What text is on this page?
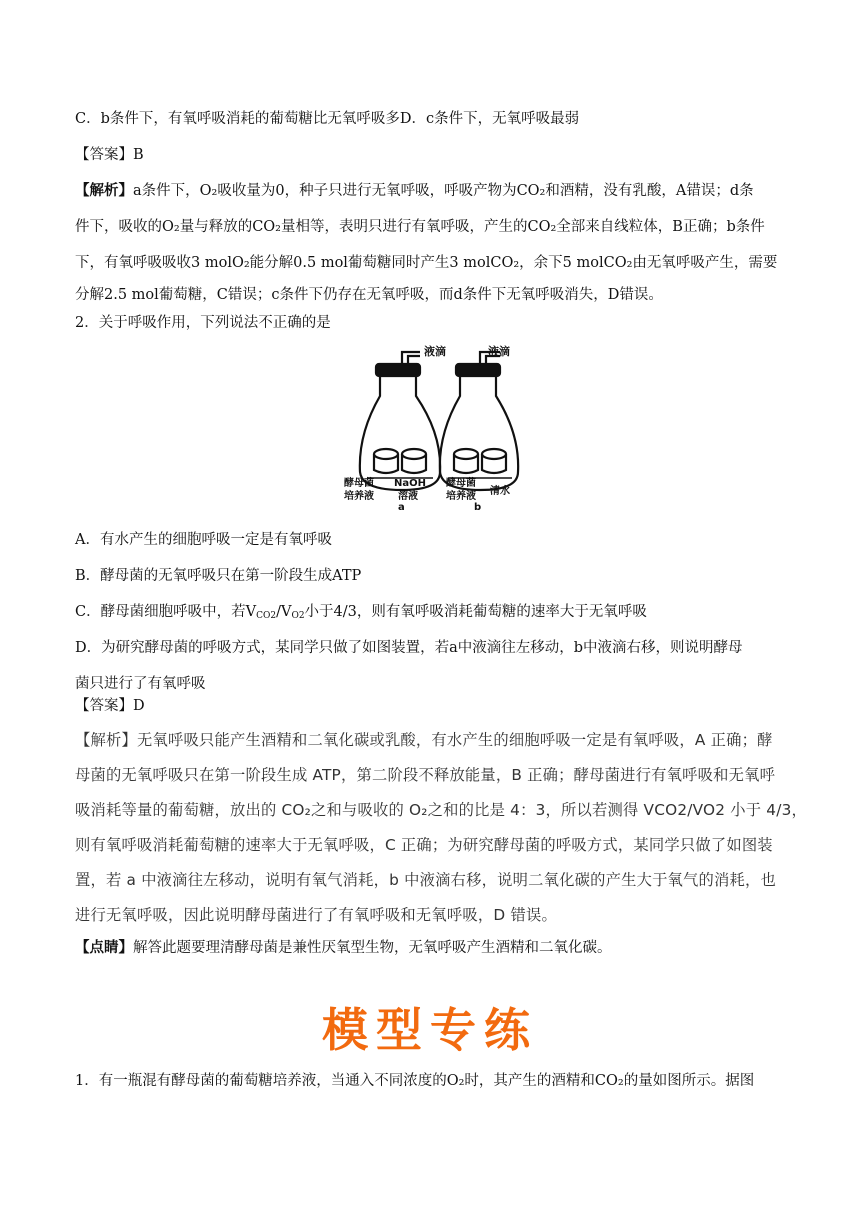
C．b条件下，有氧呼吸消耗的葡萄糖比无氧呼吸多D．c条件下，无氧呼吸最弱
【答案】B
【解析】a条件下，O₂吸收量为0，种子只进行无氧呼吸，呼吸产物为CO₂和酒精，没有乳酸，A错误；d条
件下，吸收的O₂量与释放的CO₂量相等，表明只进行有氧呼吸，产生的CO₂全部来自线粒体，B正确；b条件
下，有氧呼吸吸收3 molO₂能分解0.5 mol葡萄糖同时产生3 molCO₂，余下5 molCO₂由无氧呼吸产生，需要
分解2.5 mol葡萄糖，C错误；c条件下仍存在无氧呼吸，而d条件下无氧呼吸消失，D错误。
2．关于呼吸作用，下列说法不正确的是
液滴	液滴
酵母菌
培养液
NaOH
溶液
酵母菌
培养液 清水
a	b
A．有水产生的细胞呼吸一定是有氧呼吸
B．酵母菌的无氧呼吸只在第一阶段生成ATP
C．酵母菌细胞呼吸中，若$V_{CO2}/V_{O2}$小于4/3，则有氧呼吸消耗葡萄糖的速率大于无氧呼吸
D．为研究酵母菌的呼吸方式，某同学只做了如图装置，若a中液滴往左移动，b中液滴右移，则说明酵母
菌只进行了有氧呼吸
【答案】D
【解析】无氧呼吸只能产生酒精和二氧化碳或乳酸，有水产生的细胞呼吸一定是有氧呼吸，A 正确；酵
母菌的无氧呼吸只在第一阶段生成 ATP，第二阶段不释放能量，B 正确；酵母菌进行有氧呼吸和无氧呼
吸消耗等量的葡萄糖，放出的 CO₂之和与吸收的 O₂之和的比是 4：3，所以若测得 VCO2/VO2 小于 4/3，
则有氧呼吸消耗葡萄糖的速率大于无氧呼吸，C 正确；为研究酵母菌的呼吸方式，某同学只做了如图装
置，若 a 中液滴往左移动，说明有氧气消耗，b 中液滴右移，说明二氧化碳的产生大于氧气的消耗，也
进行无氧呼吸，因此说明酵母菌进行了有氧呼吸和无氧呼吸，D 错误。
【点睛】解答此题要理清酵母菌是兼性厌氧型生物，无氧呼吸产生酒精和二氧化碳。
模型专练
1．有一瓶混有酵母菌的葡萄糖培养液，当通入不同浓度的O₂时，其产生的酒精和CO₂的量如图所示。据图
